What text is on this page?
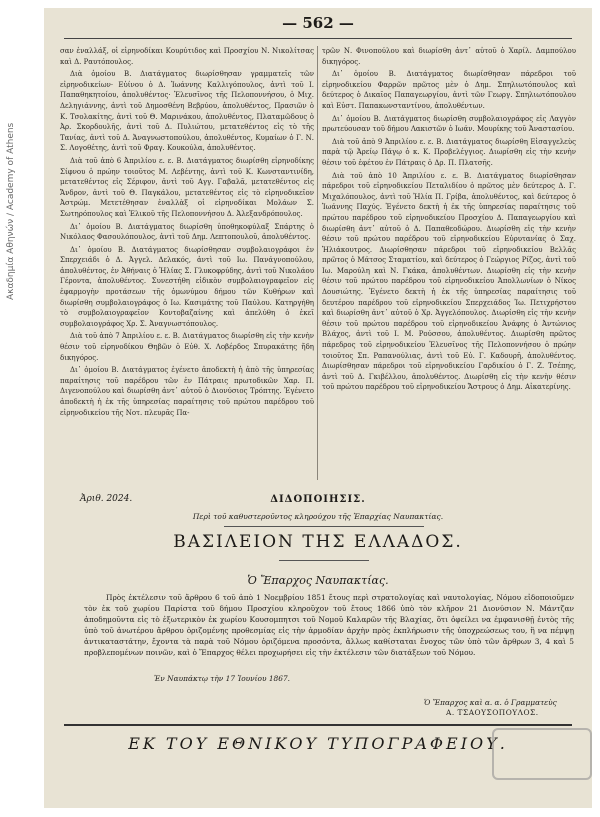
Ακαδημία Αθηνών / Academy of Athens
— 562 —

σαν ἐναλλάξ, οἱ εἰρηνοδίκαι Κουρύτιδος καὶ Προσχίου Ν. Νικολίτσας καὶ Δ. Ραυτόπουλος.

Διὰ ὁμοίου Β. Διατάγματος διωρίσθησαν γραμματεῖς τῶν εἰρηνοδικείων· Εὐίνου ὁ Δ. Ἰωάννης Καλλιγόπουλος, ἀντὶ τοῦ Ι. Παπαθηκητοίου, ἀπολυθέντος· Ἐλευσῖνος τῆς Πελοποννήσου, ὁ Μιχ. Δεληγιάννης, ἀντὶ τοῦ Δημοσθένη Βεβρύου, ἀπολυθέντος, Πρασιῶν ὁ Κ. Τσολακίτης, ἀντὶ τοῦ Θ. Μαρινάκου, ἀπολυθέντος, Πλαταμῶδους ὁ Ἀρ. Σκορδουλῆς, ἀντὶ τοῦ Δ. Πυλιώτου, μετατεθέντος εἰς τὸ τῆς Τανίας, ἀντὶ τοῦ Δ. Ἀναγνωστοπούλου, ἀπολυθέντος, Κυμαίων ὁ Γ. Ν. Σ. Λογοθέτης, ἀντὶ τοῦ Φραγ. Κουκούλα, ἀπολυθέντος.

Διὰ τοῦ ἀπὸ 6 Ἀπριλίου ε. ε. Β. Διατάγματος διωρίσθη εἰρηνοδίκης Σίφνου ὁ πρώην τοιοῦτος Μ. Λεβέντης, ἀντὶ τοῦ Κ. Κωνσταντινίδη, μετατεθέντος εἰς Σέριφον, ἀντὶ τοῦ Αγγ. Γαβαλᾶ, μετατεθέντος εἰς Ἄνδρον, ἀντὶ τοῦ Θ. Παγκάλου, μετατεθέντος εἰς τὸ εἰρηνοδικεῖον Ἀστρώμ. Μετετέθησαν ἐναλλὰξ οἱ εἰρηνοδίκαι Μολάων Σ. Σωτηρόπουλος καὶ Ἐλικοῦ τῆς Πελοποννήσου Δ. Ἀλεξανδρόπουλος.

Δι᾽ ὁμοίου Β. Διατάγματος διωρίσθη ὑποθηκοφύλαξ Σπάρτης ὁ Νικόλαος Φασουλόπουλος, ἀντὶ τοῦ Δημ. Λεπτοπουλοῦ, ἀπολυθέντος.

Δι᾽ ὁμοίου Β. Διατάγματος διωρίσθησαν συμβολαιογράφοι ἐν Σπερχειάδι ὁ Δ. Ἀγγελ. Δελακός, ἀντὶ τοῦ Ιω. Πανάγνοπούλου, ἀπολυθέντος, ἐν Ἀθήναις ὁ Ἠλίας Σ. Γλυκοφρύδης, ἀντὶ τοῦ Νικολάου Γέροντα, ἀπολυθέντος. Συνεστήθη εἰδικὸν συμβολαιογραφεῖον εἰς ἐφαρμογὴν προτάσεων τῆς ὁμωνύμου δήμου τῶν Κυθήρων καὶ διωρίσθη συμβολαιογράφος ὁ Ιω. Κασιμάτης τοῦ Παύλου. Κατηργήθη τὸ συμβολαιογραφεῖον Κοντοβαζαίνης καὶ ἀπελύθη ὁ ἐκεῖ συμβολαιογράφος Χρ. Σ. Ἀναγνωστόπουλος.

Διὰ τοῦ ἀπὸ 7 Ἀπριλίου ε. ε. Β. Διατάγματος διωρίσθη εἰς τὴν κενὴν θέσιν τοῦ εἰρηνοδίκου Θηβῶν ὁ Εὐθ. Χ. Λοβέρδος Σπυρακάτης ἤδη δικηγόρος.

Δι᾽ ὁμοίου Β. Διατάγματος ἐγένετο ἀποδεκτὴ ἡ ἀπὸ τῆς ὑπηρεσίας παραίτησις τοῦ παρέδρου τῶν ἐν Πάτραις πρωτοδικῶν Χαρ. Π. Διγενοπούλου καὶ διωρίσθη ἀντ᾽ αὐτοῦ ὁ Διονύσιος Τρόπτης. Ἐγένετο ἀποδεκτὴ ἡ ἐκ τῆς ὑπηρεσίας παραίτησις τοῦ πρώτου παρέδρου τοῦ εἰρηνοδικείου τῆς Νοτ. πλευρᾶς Πα-

τρῶν Ν. Φινοπούλου καὶ διωρίσθη ἀντ᾽ αὐτοῦ ὁ Χαρίλ. Δαμπούλου δικηγόρος.

Δι᾽ ὁμοίου Β. Διατάγματος διωρίσθησαν πάρεδροι τοῦ εἰρηνοδικείου Φαρρῶν πρῶτος μὲν ὁ Δημ. Σπηλιωτόπουλος καὶ δεύτερος ὁ Δικαῖος Παπαγεωργίου, ἀντὶ τῶν Γεωργ. Σπηλιωτόπουλου καὶ Εὐστ. Παπακωνσταντίνου, ἀπολυθέντων.

Δι᾽ ὁμοίου Β. Διατάγματος διωρίσθη συμβολαιογράφος εἰς Λαγγὸν πρωτεύουσαν τοῦ δήμου Λακιστῶν ὁ Ιωάν. Μουρίκης τοῦ Ἀναστασίου.

Διὰ τοῦ ἀπὸ 9 Ἀπριλίου ε. ε. Β. Διατάγματος διωρίσθη Εἰσαγγελεὺς παρὰ τῷ Ἀρείῳ Πάγῳ ὁ κ. Κ. Προβελέγγιος. Διωρίσθη εἰς τὴν κενὴν θέσιν τοῦ ἐφέτου ἐν Πάτραις ὁ Δρ. Π. Πλατσῆς.

Διὰ τοῦ ἀπὸ 10 Ἀπριλίου ε. ε. Β. Διατάγματος διωρίσθησαν πάρεδροι τοῦ εἰρηνοδικείου Πεταλιδίου ὁ πρῶτος μὲν δεύτερος Δ. Γ. Μιχαλόπουλος, ἀντὶ τοῦ Ἠλία Π. Γρίβα, ἀπολυθέντος, καὶ δεύτερος ὁ Ἰωάννης Παχύς. Ἐγένετο δεκτὴ ἡ ἐκ τῆς ὑπηρεσίας παραίτησις τοῦ πρώτου παρέδρου τοῦ εἰρηνοδικείου Προσχίου Δ. Παπαγεωργίου καὶ διωρίσθη ἀντ᾽ αὐτοῦ ὁ Δ. Παπαθεοδώρου. Διωρίσθη εἰς τὴν κενὴν θέσιν τοῦ πρώτου παρέδρου τοῦ εἰρηνοδικείου Εὐρυτανίας ὁ Σαχ. Ἠλιάκουτρος. Διωρίσθησαν πάρεδροι τοῦ εἰρηνοδικείου Βελλᾶς πρῶτος ὁ Μάτσος Σταματίου, καὶ δεύτερος ὁ Γεώργιος Ρίζος, ἀντὶ τοῦ Ιω. Μαρούλη καὶ Ν. Γκάκα, ἀπολυθέντων. Διωρίσθη εἰς τὴν κενὴν θέσιν τοῦ πρώτου παρέδρου τοῦ εἰρηνοδικείου Ἀπολλωνίων ὁ Νίκος Δουσιώτης. Ἐγένετο δεκτὴ ἡ ἐκ τῆς ὑπηρεσίας παραίτησις τοῦ δευτέρου παρέδρου τοῦ εἰρηνοδικείου Σπερχειάδος Ἰω. Πετιχρήστου καὶ διωρίσθη ἀντ᾽ αὐτοῦ ὁ Χρ. Ἀγγελόπουλος. Διωρίσθη εἰς τὴν κενὴν θέσιν τοῦ πρώτου παρέδρου τοῦ εἰρηνοδικείου Ἀνάφης ὁ Ἀντώνιος Βλάχος, ἀντὶ τοῦ Ι. Μ. Ρούσσου, ἀπολυθέντος. Διωρίσθη πρῶτος πάρεδρος τοῦ εἰρηνοδικείου Ἐλευσῖνος τῆς Πελοποννήσου ὁ πρώην τοιοῦτος Σπ. Ραπανούλιας, ἀντὶ τοῦ Εὐ. Γ. Καδουρῆ, ἀπολυθέντος. Διωρίσθησαν πάρεδροι τοῦ εἰρηνοδικείου Γαρδικίου ὁ Γ. Ζ. Τσέπης, ἀντὶ τοῦ Δ. Γκιβέλλου, ἀπολυθέντος. Διωρίσθη εἰς τὴν κενὴν θέσιν τοῦ πρώτου παρέδρου τοῦ εἰρηνοδικείου Ἄστρους ὁ Δημ. Αἰκατερίνης.

Ἀριθ. 2024.	ΔΙΔΟΠΟΙΗΣΙΣ.
Περὶ τοῦ καθυστεροῦντος κληρούχου τῆς Ἐπαρχίας Ναυπακτίας.
ΒΑΣΙΛΕΙΟΝ ΤΗΣ ΕΛΛΑΔΟΣ.
Ὁ Ἔπαρχος Ναυπακτίας.

Πρὸς ἐκτέλεσιν τοῦ ἄρθρου 6 τοῦ ἀπὸ 1 Νοεμβρίου 1851 ἔτους περὶ στρατολογίας καὶ ναυτολογίας, Νόμου εἰδοποιοῦμεν τὸν ἐκ τοῦ χωρίου Παρίστα τοῦ δήμου Προσχίου κληροῦχον τοῦ ἔτους 1866 ὑπὸ τὸν κλῆρον 21 Διονύσιον Ν. Μάντζαν ἀποδημοῦντα εἰς τὸ ἐξωτερικὸν ἐκ χωρίου Κουσομπητσι τοῦ Νομοῦ Καλαρῶν τῆς Βλαχίας, ὅτι ὀφείλει να ἐμφανισθῇ ἐντὸς τῆς ὑπὸ τοῦ ἀνωτέρου ἄρθρου ὁριζομένης προθεσμίας εἰς τὴν ἀρμοδίαν ἀρχὴν πρὸς ἐκπλήρωσιν τῆς ὑποχρεώσεως του, ἢ να πέμψῃ ἀντικαταστάτην, ἔχοντα τὰ παρὰ τοῦ Νόμου ὁριζόμενα προσόντα, ἄλλως καθίσταται ἔνοχος τῶν ὑπὸ τῶν ἄρθρων 3, 4 καὶ 5 προβλεπομένων ποινῶν, καὶ ὁ Ἔπαρχος θέλει προχωρήσει εἰς τὴν ἐκτέλεσιν τῶν διατάξεων τοῦ Νόμου.

Ἐν Ναυπάκτῳ τὴν 17 Ἰουνίου 1867.
Ὁ Ἔπαρχος καὶ α. α. ὁ Γραμματεὺς
Α. ΤΣΑΟΥΣΟΠΟΥΛΟΣ.
ΕΚ ΤΟΥ ΕΘΝΙΚΟΥ ΤΥΠΟΓΡΑΦΕΙΟΥ.
